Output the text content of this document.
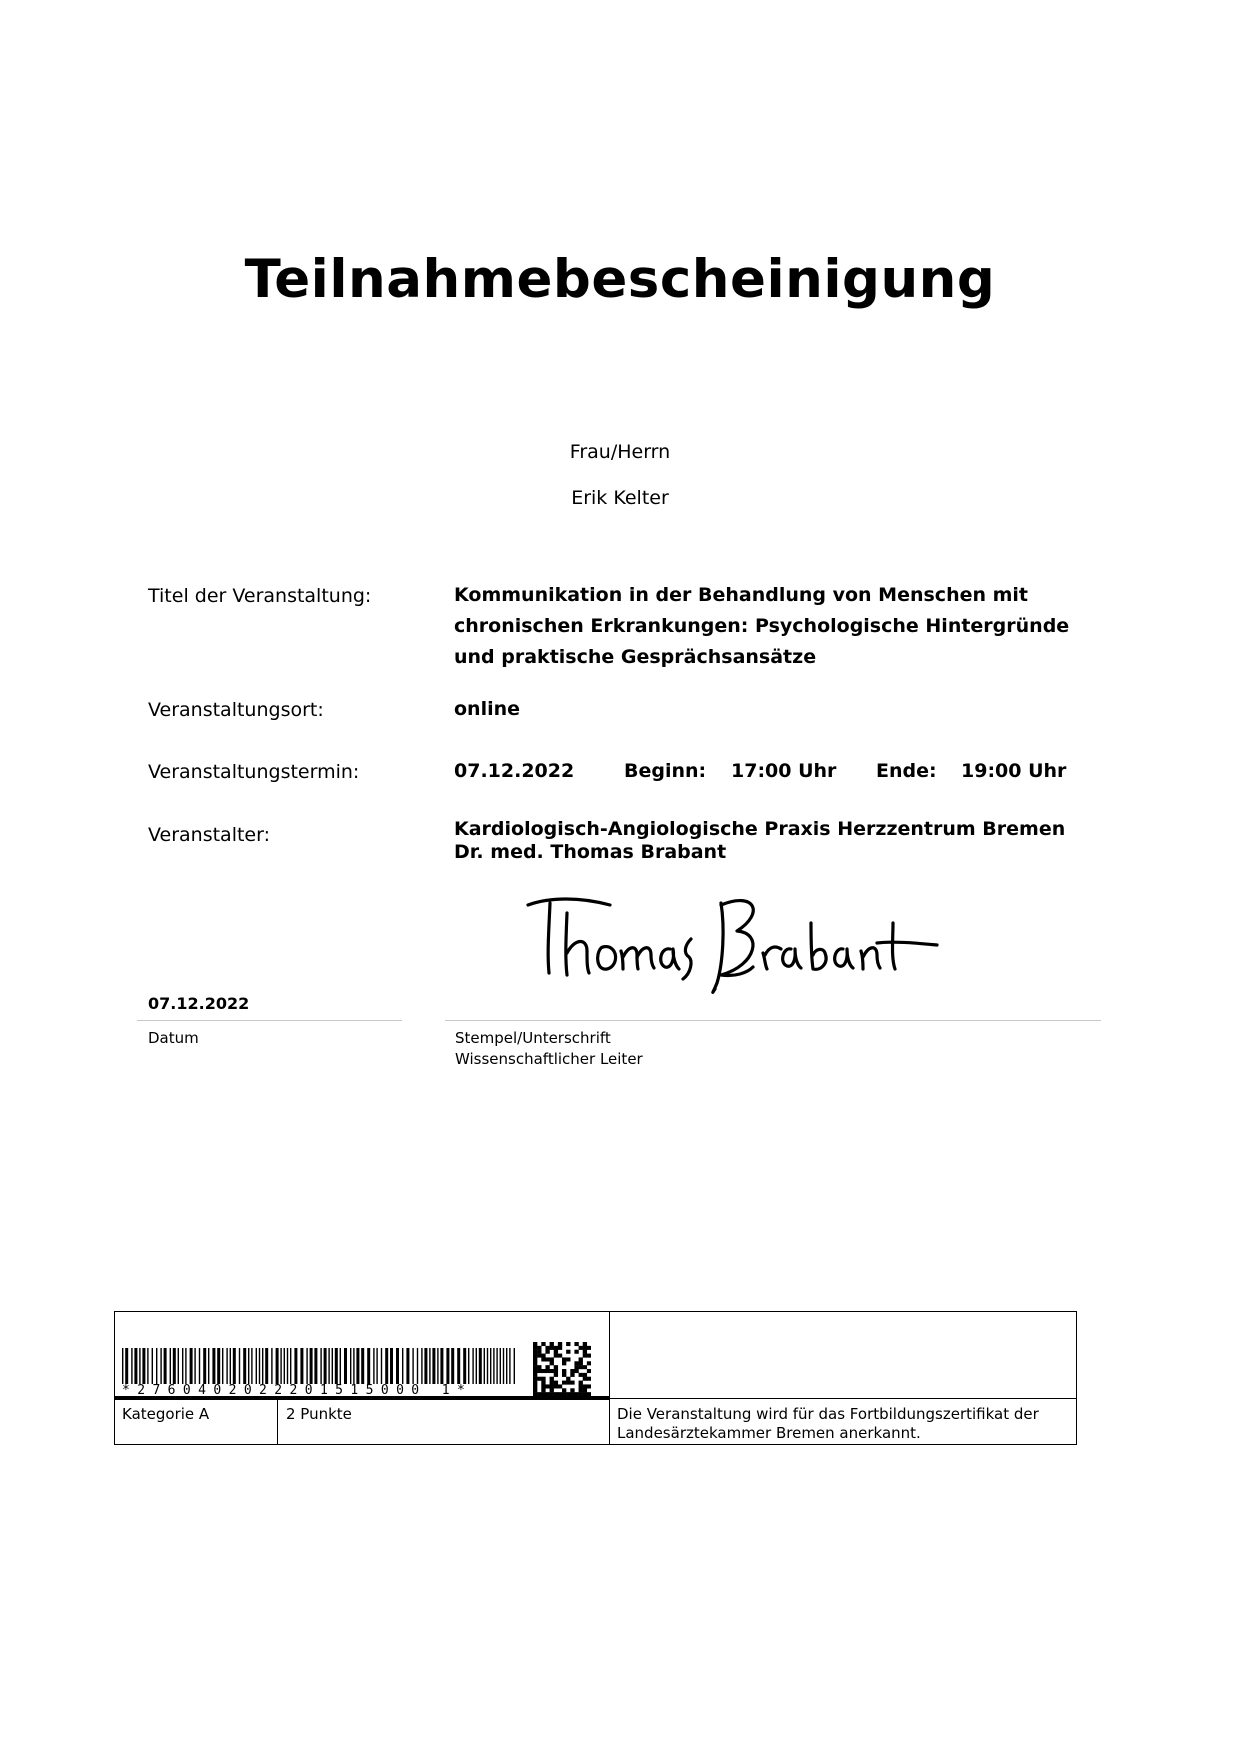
Teilnahmebescheinigung
Frau/Herrn
Erik Kelter
Titel der Veranstaltung:	Kommunikation in der Behandlung von Menschen mit
chronischen Erkrankungen: Psychologische Hintergründe
und praktische Gesprächsansätze
Veranstaltungsort:	online
Veranstaltungstermin:	07.12.2022	Beginn: 17:00 Uhr Ende: 19:00 Uhr
Veranstalter:	Kardiologisch-Angiologische Praxis Herzzentrum Bremen
Dr. med. Thomas Brabant
07.12.2022
Datum	Stempel/Unterschrift
Wissenschaftlicher Leiter
*2760402022201515000 1*
Kategorie A	2 Punkte	Die Veranstaltung wird für das Fortbildungszertifikat der
Landesärztekammer Bremen anerkannt.
